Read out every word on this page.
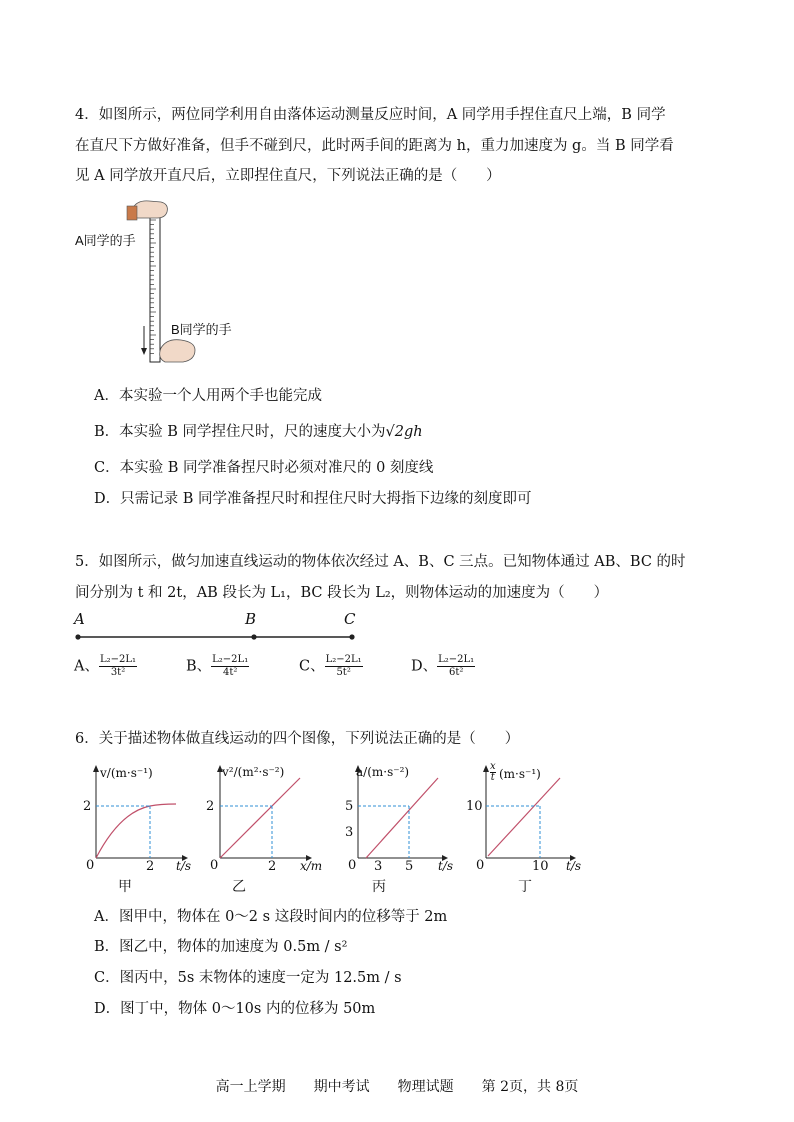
4．如图所示，两位同学利用自由落体运动测量反应时间，A 同学用手捏住直尺上端，B 同学
在直尺下方做好准备，但手不碰到尺，此时两手间的距离为 h，重力加速度为 g。当 B 同学看
见 A 同学放开直尺后，立即捏住直尺，下列说法正确的是（　　）
A同学的手
B同学的手
A．本实验一个人用两个手也能完成
B．本实验 B 同学捏住尺时，尺的速度大小为√2gh
C．本实验 B 同学准备捏尺时必须对准尺的 0 刻度线
D．只需记录 B 同学准备捏尺时和捏住尺时大拇指下边缘的刻度即可
5．如图所示，做匀加速直线运动的物体依次经过 A、B、C 三点。已知物体通过 AB、BC 的时
间分别为 t 和 2t，AB 段长为 L₁，BC 段长为 L₂，则物体运动的加速度为（　　）
A	B	C
A、 $\frac{\text{L₂−2L₁}}{\text{3t²}}$	B、 $\frac{\text{L₂−2L₁}}{\text{4t²}}$	C、 $\frac{\text{L₂−2L₁}}{\text{5t²}}$	D、 $\frac{\text{L₂−2L₁}}{\text{6t²}}$
6．关于描述物体做直线运动的四个图像，下列说法正确的是（　　）
v/(m·s⁻¹)
2
0	2 t/s
甲
v²/(m²·s⁻²)
2
0	2 x/m
乙
a/(m·s⁻²)
5
3
0 3 5 t/s
丙
$\frac{x}{t} (m\cdot s^{-1})$
10
0	10 t/s
丁
A．图甲中，物体在 0～2 s 这段时间内的位移等于 2m
B．图乙中，物体的加速度为 0.5m / s²
C．图丙中，5s 末物体的速度一定为 12.5m / s
D．图丁中，物体 0～10s 内的位移为 50m
高一上学期　　期中考试　　物理试题　　第 2页，共 8页
